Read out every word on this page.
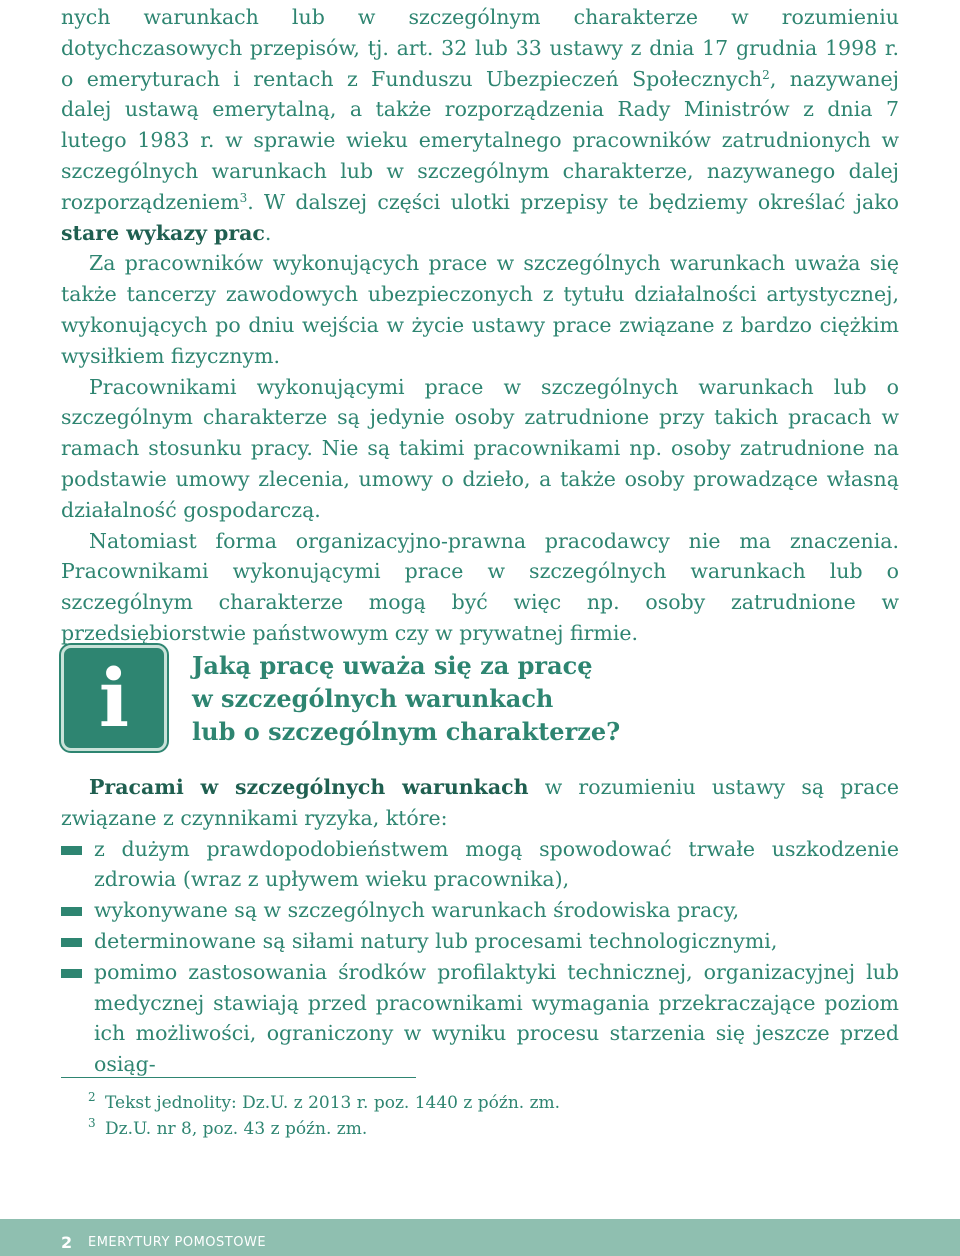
nych warunkach lub w szczególnym charakterze w rozumieniu dotychczasowych przepisów, tj. art. 32 lub 33 ustawy z dnia 17 grudnia 1998 r. o emeryturach i rentach z Funduszu Ubezpieczeń Społecznych$^2$, nazywanej dalej ustawą emerytalną, a także rozporządzenia Rady Ministrów z dnia 7 lutego 1983 r. w sprawie wieku emerytalnego pracowników zatrudnionych w szczególnych warunkach lub w szczególnym charakterze, nazywanego dalej rozporządzeniem$^3$. W dalszej części ulotki przepisy te będziemy określać jako stare wykazy prac.

Za pracowników wykonujących prace w szczególnych warunkach uważa się także tancerzy zawodowych ubezpieczonych z tytułu działalności artystycznej, wykonujących po dniu wejścia w życie ustawy prace związane z bardzo ciężkim wysiłkiem fizycznym.

Pracownikami wykonującymi prace w szczególnych warunkach lub o szczególnym charakterze są jedynie osoby zatrudnione przy takich pracach w ramach stosunku pracy. Nie są takimi pracownikami np. osoby zatrudnione na podstawie umowy zlecenia, umowy o dzieło, a także osoby prowadzące własną działalność gospodarczą.

Natomiast forma organizacyjno-prawna pracodawcy nie ma znaczenia. Pracownikami wykonującymi prace w szczególnych warunkach lub o szczególnym charakterze mogą być więc np. osoby zatrudnione w przedsiębiorstwie państwowym czy w prywatnej firmie.

i	Jaką pracę uważa się za pracę
w szczególnych warunkach
lub o szczególnym charakterze?

Pracami w szczególnych warunkach w rozumieniu ustawy są prace związane z czynnikami ryzyka, które:

z dużym prawdopodobieństwem mogą spowodować trwałe uszkodzenie zdrowia (wraz z upływem wieku pracownika),
wykonywane są w szczególnych warunkach środowiska pracy,
determinowane są siłami natury lub procesami technologicznymi,
pomimo zastosowania środków profilaktyki technicznej, organizacyjnej lub medycznej stawiają przed pracownikami wymagania przekraczające poziom ich możliwości, ograniczony w wyniku procesu starzenia się jeszcze przed osiąg-
2 Tekst jednolity: Dz.U. z 2013 r. poz. 1440 z późn. zm.
3 Dz.U. nr 8, poz. 43 z późn. zm.
2 EMERYTURY POMOSTOWE
